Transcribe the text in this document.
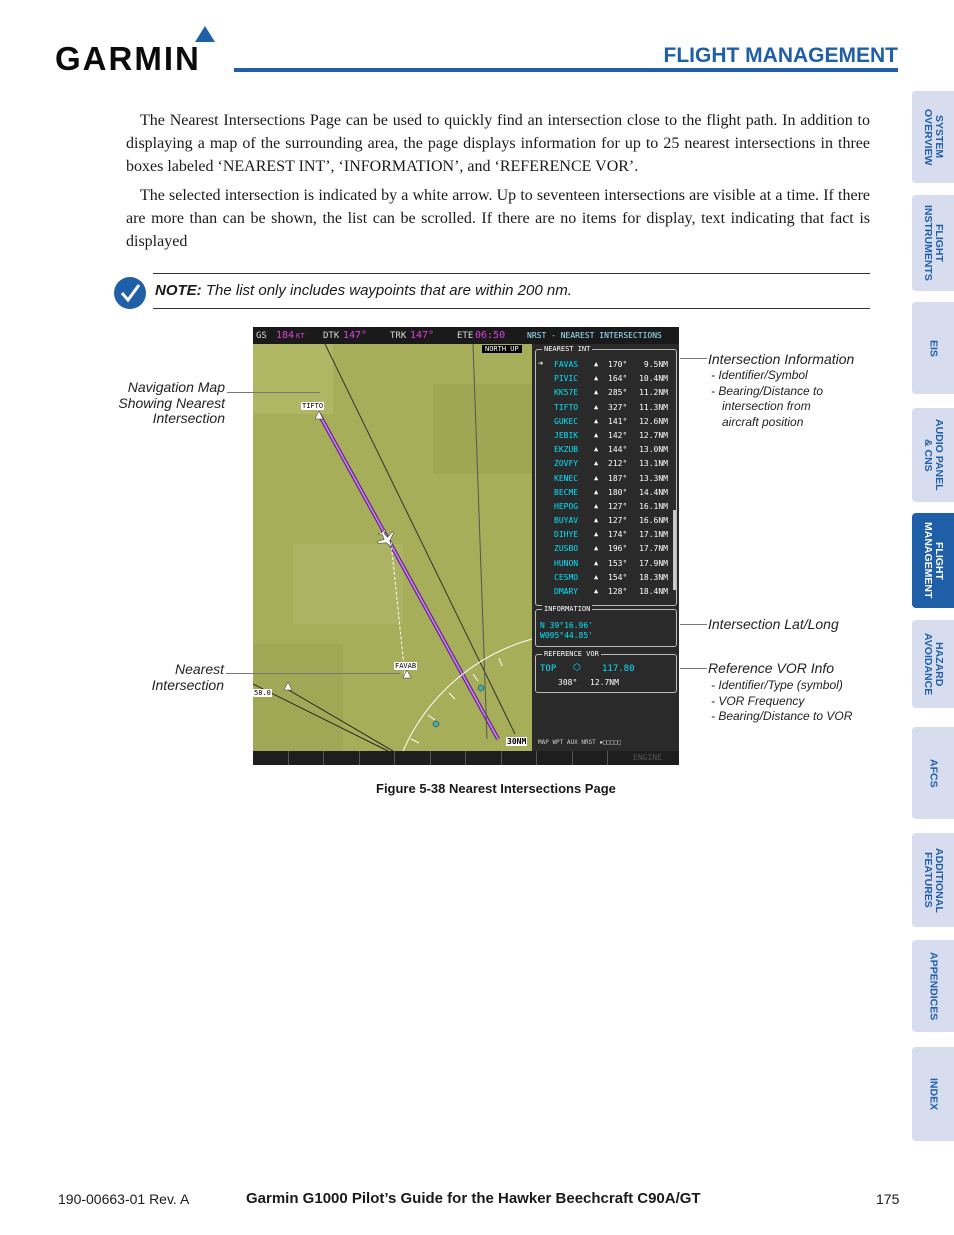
GARMIN	FLIGHT MANAGEMENT
The Nearest Intersections Page can be used to quickly find an intersection close to the flight path. In addition to displaying a map of the surrounding area, the page displays information for up to 25 nearest intersections in three boxes labeled ‘NEAREST INT’, ‘INFORMATION’, and ‘REFERENCE VOR’.
The selected intersection is indicated by a white arrow. Up to seventeen intersections are visible at a time. If there are more than can be shown, the list can be scrolled. If there are no items for display, text indicating that fact is displayed
NOTE: The list only includes waypoints that are within 200 nm.
GS 184 KT DTK 147°	TRK 147°	ETE 06:50	NRST - NEAREST INTERSECTIONS
TIFTO
FAVAB
58.0
30NM
NORTH UP	NEAREST INT
➔ FAVAS ▲ 170° 9.5NM
PIVIC ▲ 164° 10.4NM
KK57E ▲ 285° 11.2NM
TIFTO ▲ 327° 11.3NM
GUKEC ▲ 141° 12.6NM
JEBIK ▲ 142° 12.7NM
EKZUB ▲ 144° 13.0NM
ZOVFY ▲ 212° 13.1NM
KENEC ▲ 187° 13.3NM
BECME ▲ 180° 14.4NM
HEPOG ▲ 127° 16.1NM
BUYAV ▲ 127° 16.6NM
DIHYE ▲ 174° 17.1NM
ZUSBO ▲ 196° 17.7NM
HUNON ▲ 153° 17.9NM
CESMO ▲ 154° 18.3NM
DMARY ▲ 128° 18.4NM
INFORMATION
N 39°16.96'
W095°44.85'
REFERENCE VOR
TOP ⬡ 117.80
308° 12.7NM
MAP WPT AUX NRST ▪□□□□□
ENGINE
Navigation Map Showing Nearest Intersection
Nearest Intersection
Intersection Information
- Identifier/Symbol
- Bearing/Distance to
intersection from
aircraft position
Intersection Lat/Long
Reference VOR Info
- Identifier/Type (symbol)
- VOR Frequency
- Bearing/Distance to VOR
Figure 5-38 Nearest Intersections Page
SYSTEM
OVERVIEW
FLIGHT
INSTRUMENTS
EIS
AUDIO PANEL
& CNS
FLIGHT
MANAGEMENT
HAZARD
AVOIDANCE
AFCS
ADDITIONAL
FEATURES
APPENDICES
INDEX
190-00663-01 Rev. A	Garmin G1000 Pilot’s Guide for the Hawker Beechcraft C90A/GT	175
